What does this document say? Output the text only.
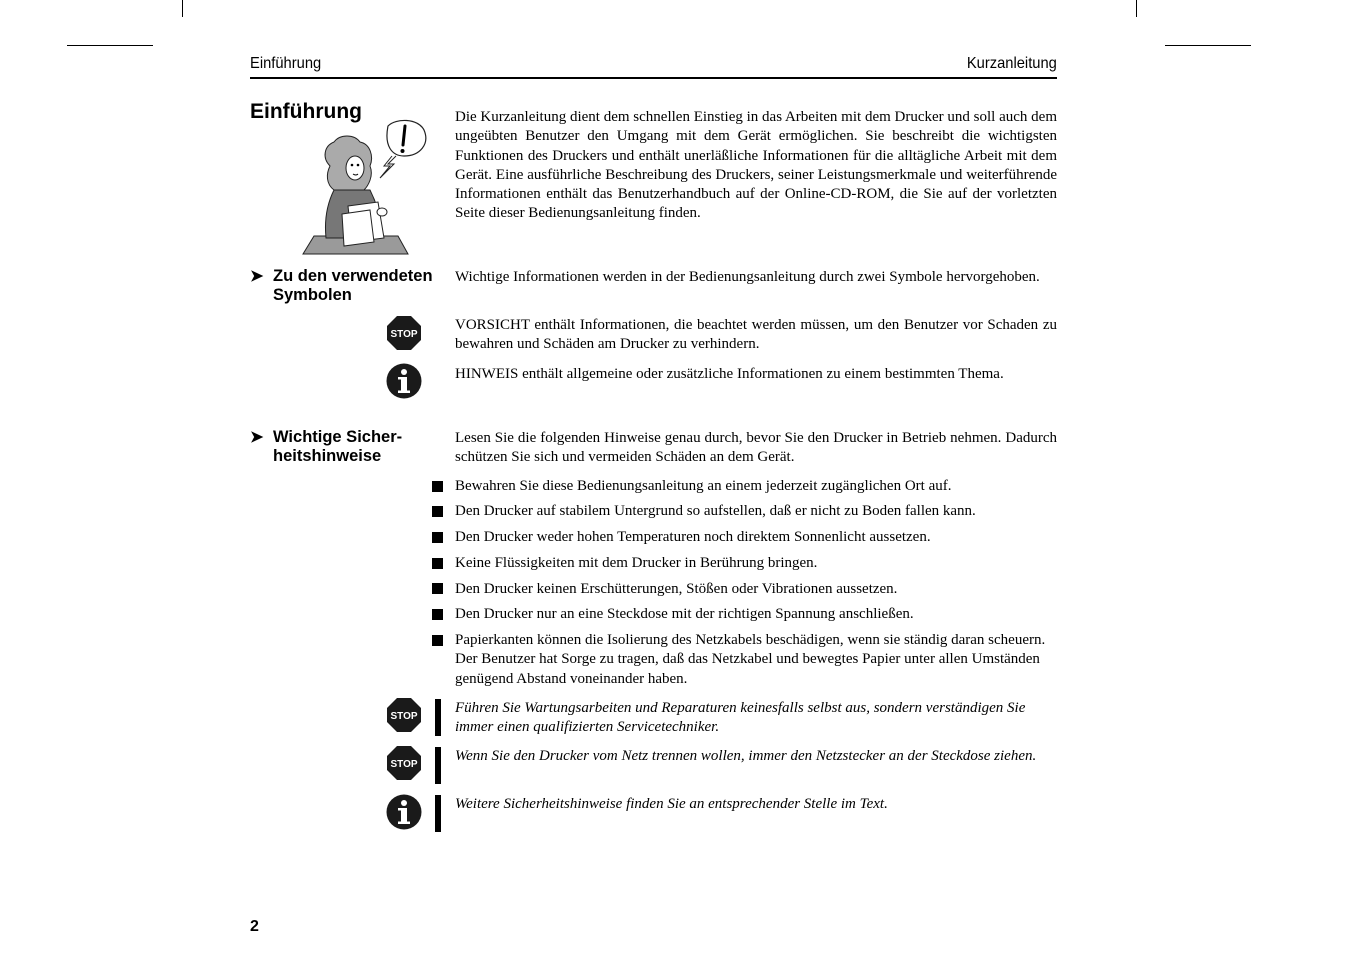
Einführung	Kurzanleitung
Einführung	Die Kurzanleitung dient dem schnellen Einstieg in das Arbeiten mit dem Drucker und soll auch dem ungeübten Benutzer den Umgang mit dem Gerät ermöglichen. Sie beschreibt die wichtigsten Funktionen des Druckers und enthält unerläßliche Informationen für die alltägliche Arbeit mit dem Gerät. Eine ausführliche Beschreibung des Druckers, seiner Leistungsmerkmale und weiterführende Informationen enthält das Benutzerhandbuch auf der Online-CD-ROM, die Sie auf der vorletzten Seite dieser Bedienungsanleitung finden.
➤ Zu den verwendeten Symbolen
Wichtige Informationen werden in der Bedienungsanleitung durch zwei Symbole hervorgehoben.
STOP
VORSICHT enthält Informationen, die beachtet werden müssen, um den Benutzer vor Schaden zu bewahren und Schäden am Drucker zu verhindern.
HINWEIS enthält allgemeine oder zusätzliche Informationen zu einem bestimmten Thema.
➤ Wichtige Sicher-
heitshinweise
Lesen Sie die folgenden Hinweise genau durch, bevor Sie den Drucker in Betrieb nehmen. Dadurch schützen Sie sich und vermeiden Schäden an dem Gerät.
Bewahren Sie diese Bedienungsanleitung an einem jederzeit zugänglichen Ort auf.
Den Drucker auf stabilem Untergrund so aufstellen, daß er nicht zu Boden fallen kann.
Den Drucker weder hohen Temperaturen noch direktem Sonnenlicht aussetzen.
Keine Flüssigkeiten mit dem Drucker in Berührung bringen.
Den Drucker keinen Erschütterungen, Stößen oder Vibrationen aussetzen.
Den Drucker nur an eine Steckdose mit der richtigen Spannung anschließen.
Papierkanten können die Isolierung des Netzkabels beschädigen, wenn sie ständig daran scheuern. Der Benutzer hat Sorge zu tragen, daß das Netzkabel und bewegtes Papier unter allen Umständen genügend Abstand voneinander haben.
STOP
Führen Sie Wartungsarbeiten und Reparaturen keinesfalls selbst aus, sondern verständigen Sie immer einen qualifizierten Servicetechniker.
STOP
Wenn Sie den Drucker vom Netz trennen wollen, immer den Netzstecker an der Steckdose ziehen.
Weitere Sicherheitshinweise finden Sie an entsprechender Stelle im Text.
2
